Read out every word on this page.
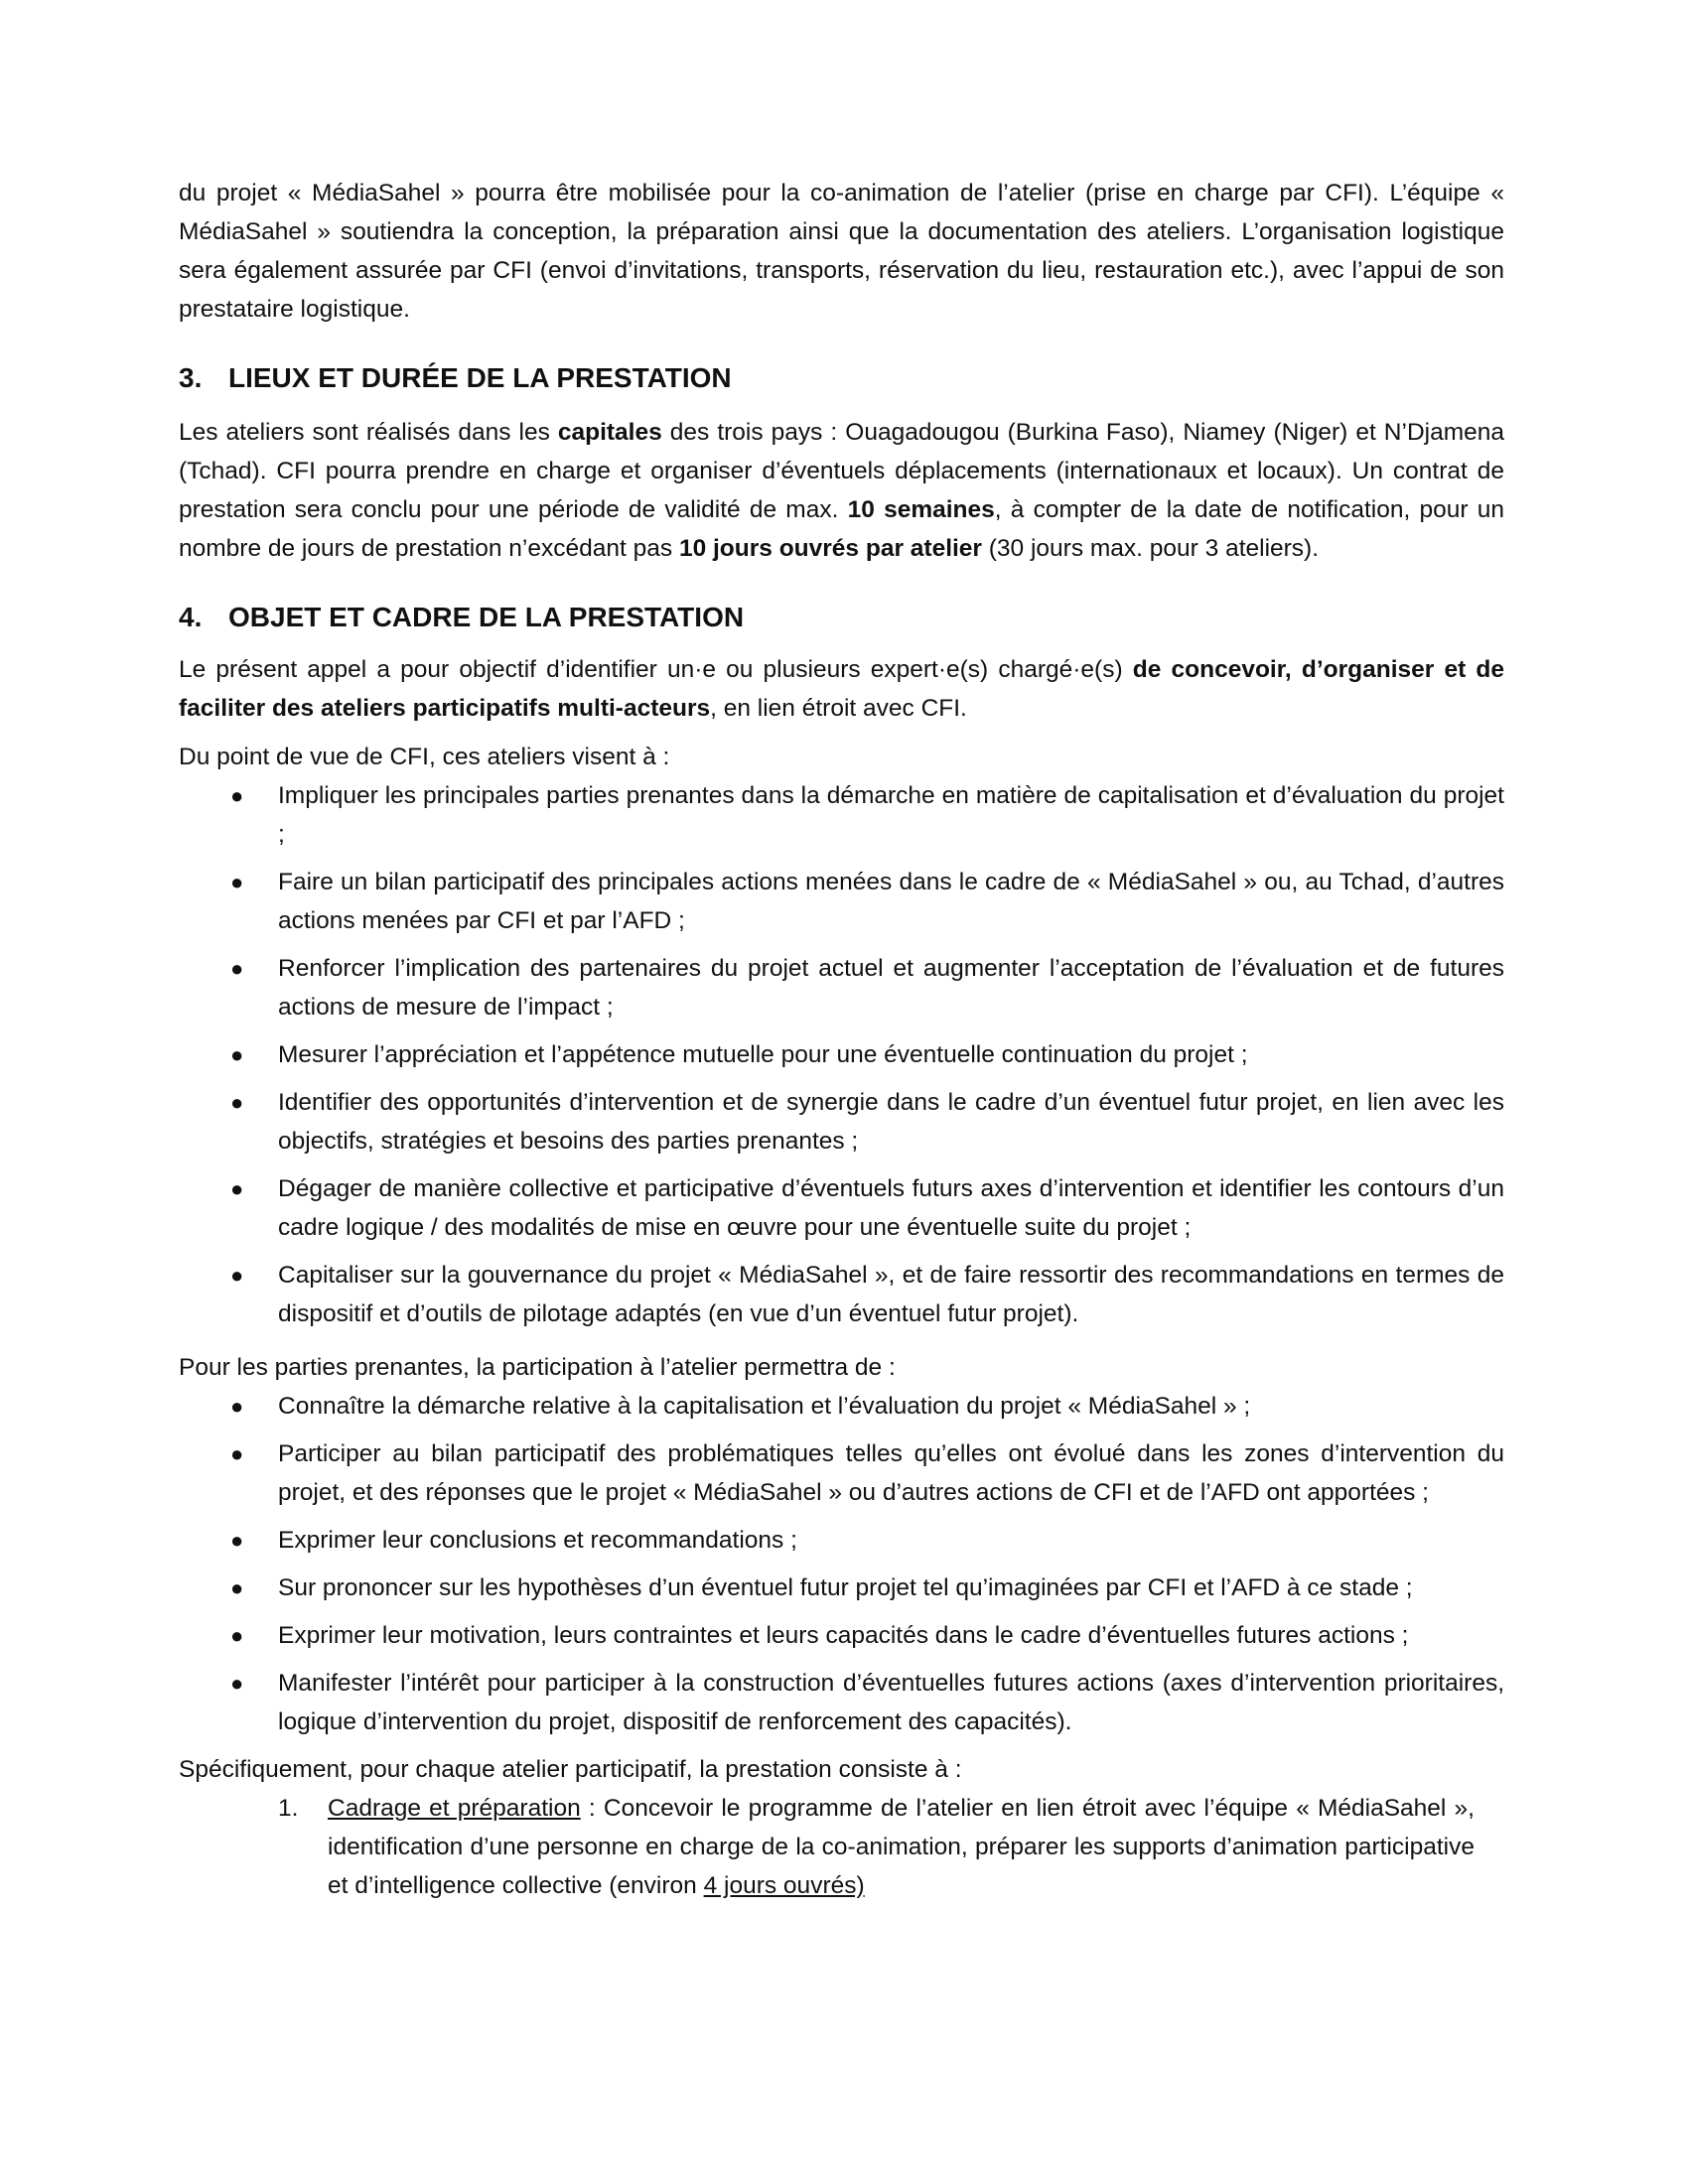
du projet « MédiaSahel » pourra être mobilisée pour la co-animation de l’atelier (prise en charge par CFI). L’équipe « MédiaSahel » soutiendra la conception, la préparation ainsi que la documentation des ateliers. L’organisation logistique sera également assurée par CFI (envoi d’invitations, transports, réservation du lieu, restauration etc.), avec l’appui de son prestataire logistique.

3. LIEUX ET DURÉE DE LA PRESTATION

Les ateliers sont réalisés dans les capitales des trois pays : Ouagadougou (Burkina Faso), Niamey (Niger) et N’Djamena (Tchad). CFI pourra prendre en charge et organiser d’éventuels déplacements (internationaux et locaux). Un contrat de prestation sera conclu pour une période de validité de max. 10 semaines, à compter de la date de notification, pour un nombre de jours de prestation n’excédant pas 10 jours ouvrés par atelier (30 jours max. pour 3 ateliers).

4. OBJET ET CADRE DE LA PRESTATION

Le présent appel a pour objectif d’identifier un·e ou plusieurs expert·e(s) chargé·e(s) de concevoir, d’organiser et de faciliter des ateliers participatifs multi-acteurs, en lien étroit avec CFI.

Du point de vue de CFI, ces ateliers visent à :

● Impliquer les principales parties prenantes dans la démarche en matière de capitalisation et d’évaluation du projet ;
● Faire un bilan participatif des principales actions menées dans le cadre de « MédiaSahel » ou, au Tchad, d’autres actions menées par CFI et par l’AFD ;
● Renforcer l’implication des partenaires du projet actuel et augmenter l’acceptation de l’évaluation et de futures actions de mesure de l’impact ;
● Mesurer l’appréciation et l’appétence mutuelle pour une éventuelle continuation du projet ;
● Identifier des opportunités d’intervention et de synergie dans le cadre d’un éventuel futur projet, en lien avec les objectifs, stratégies et besoins des parties prenantes ;
● Dégager de manière collective et participative d’éventuels futurs axes d’intervention et identifier les contours d’un cadre logique / des modalités de mise en œuvre pour une éventuelle suite du projet ;
● Capitaliser sur la gouvernance du projet « MédiaSahel », et de faire ressortir des recommandations en termes de dispositif et d’outils de pilotage adaptés (en vue d’un éventuel futur projet).

Pour les parties prenantes, la participation à l’atelier permettra de :

● Connaître la démarche relative à la capitalisation et l’évaluation du projet « MédiaSahel » ;
● Participer au bilan participatif des problématiques telles qu’elles ont évolué dans les zones d’intervention du projet, et des réponses que le projet « MédiaSahel » ou d’autres actions de CFI et de l’AFD ont apportées ;
● Exprimer leur conclusions et recommandations ;
● Sur prononcer sur les hypothèses d’un éventuel futur projet tel qu’imaginées par CFI et l’AFD à ce stade ;
● Exprimer leur motivation, leurs contraintes et leurs capacités dans le cadre d’éventuelles futures actions ;
● Manifester l’intérêt pour participer à la construction d’éventuelles futures actions (axes d’intervention prioritaires, logique d’intervention du projet, dispositif de renforcement des capacités).

Spécifiquement, pour chaque atelier participatif, la prestation consiste à :

1. Cadrage et préparation : Concevoir le programme de l’atelier en lien étroit avec l’équipe « MédiaSahel », identification d’une personne en charge de la co-animation, préparer les supports d’animation participative et d’intelligence collective (environ 4 jours ouvrés)
